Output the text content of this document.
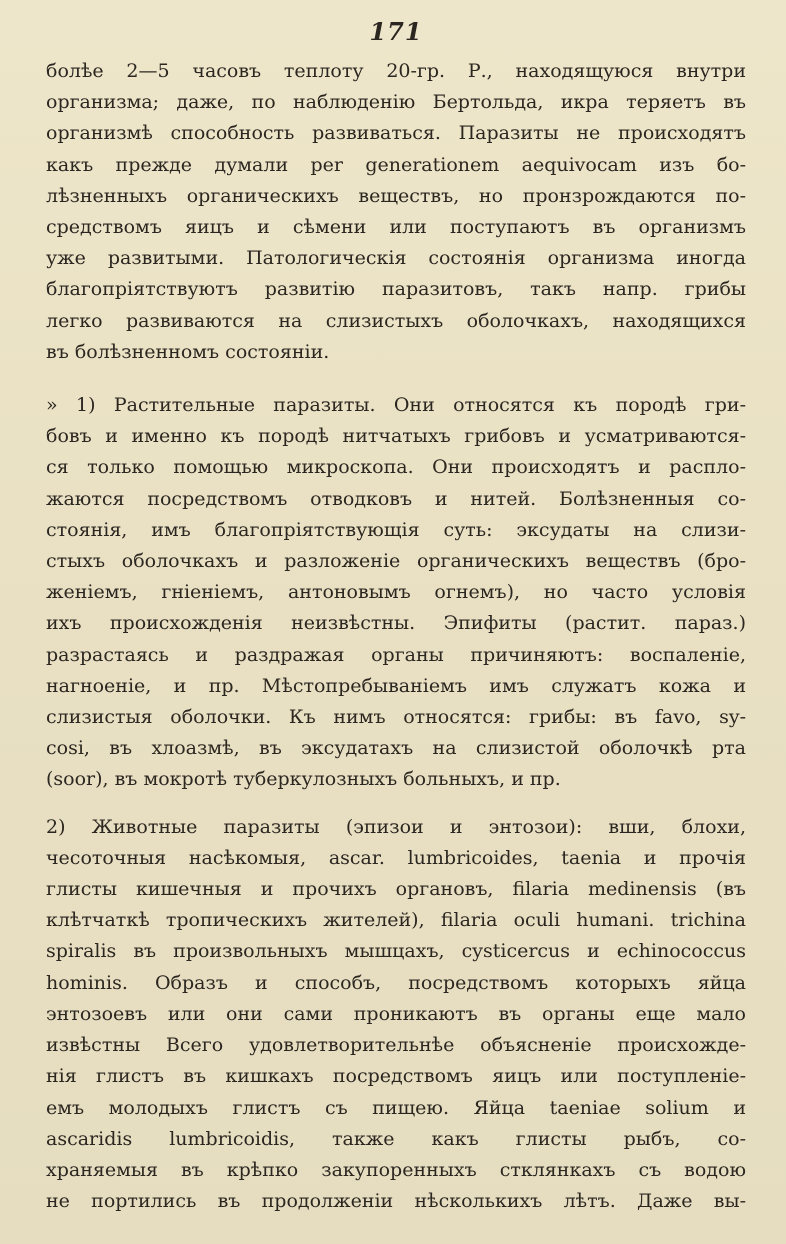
171
болѣе 2—5 часовъ теплоту 20-гр. Р., находящуюся внутри
организма; даже, по наблюденію Бертольда, икра теряетъ въ
организмѣ способность развиваться. Паразиты не происходятъ
какъ прежде думали per generationem aequivocam изъ бо-
лѣзненныхъ органическихъ веществъ, но пронзрождаются по-
средствомъ яицъ и сѣмени или поступаютъ въ организмъ
уже развитыми. Патологическія состоянія организма иногда
благопріятствуютъ развитію паразитовъ, такъ напр. грибы
легко развиваются на слизистыхъ оболочкахъ, находящихся
въ болѣзненномъ состояніи.
» 1) Растительные паразиты. Они относятся къ породѣ гри-
бовъ и именно къ породѣ нитчатыхъ грибовъ и усматриваются-
ся только помощью микроскопа. Они происходятъ и распло-
жаются посредствомъ отводковъ и нитей. Болѣзненныя со-
стоянія, имъ благопріятствующія суть: эксудаты на слизи-
стыхъ оболочкахъ и разложеніе органическихъ веществъ (бро-
женіемъ, гніеніемъ, антоновымъ огнемъ), но часто условія
ихъ происхожденія неизвѣстны. Эпифиты (растит. параз.)
разрастаясь и раздражая органы причиняютъ: воспаленіе,
нагноеніе, и пр. Мѣстопребываніемъ имъ служатъ кожа и
слизистыя оболочки. Къ нимъ относятся: грибы: въ favo, sy-
cosi, въ хлоазмѣ, въ эксудатахъ на слизистой оболочкѣ рта
(soor), въ мокротѣ туберкулозныхъ больныхъ, и пр.
2) Животные паразиты (эпизои и энтозои): вши, блохи,
чесоточныя насѣкомыя, ascar. lumbricoides, taenia и прочія
глисты кишечныя и прочихъ органовъ, filaria medinensis (въ
клѣтчаткѣ тропическихъ жителей), filaria oculi humani. trichina
spiralis въ произвольныхъ мышцахъ, cysticercus и echinococcus
hominis. Образъ и способъ, посредствомъ которыхъ яйца
энтозоевъ или они сами проникаютъ въ органы еще мало
извѣстны Всего удовлетворительнѣе объясненіе происхожде-
нія глистъ въ кишкахъ посредствомъ яицъ или поступленіе-
емъ молодыхъ глистъ съ пищею. Яйца taeniae solium и
ascaridis lumbricoidis, также какъ глисты рыбъ, со-
храняемыя въ крѣпко закупоренныхъ стклянкахъ съ водою
не портились въ продолженіи нѣсколькихъ лѣтъ. Даже вы-
